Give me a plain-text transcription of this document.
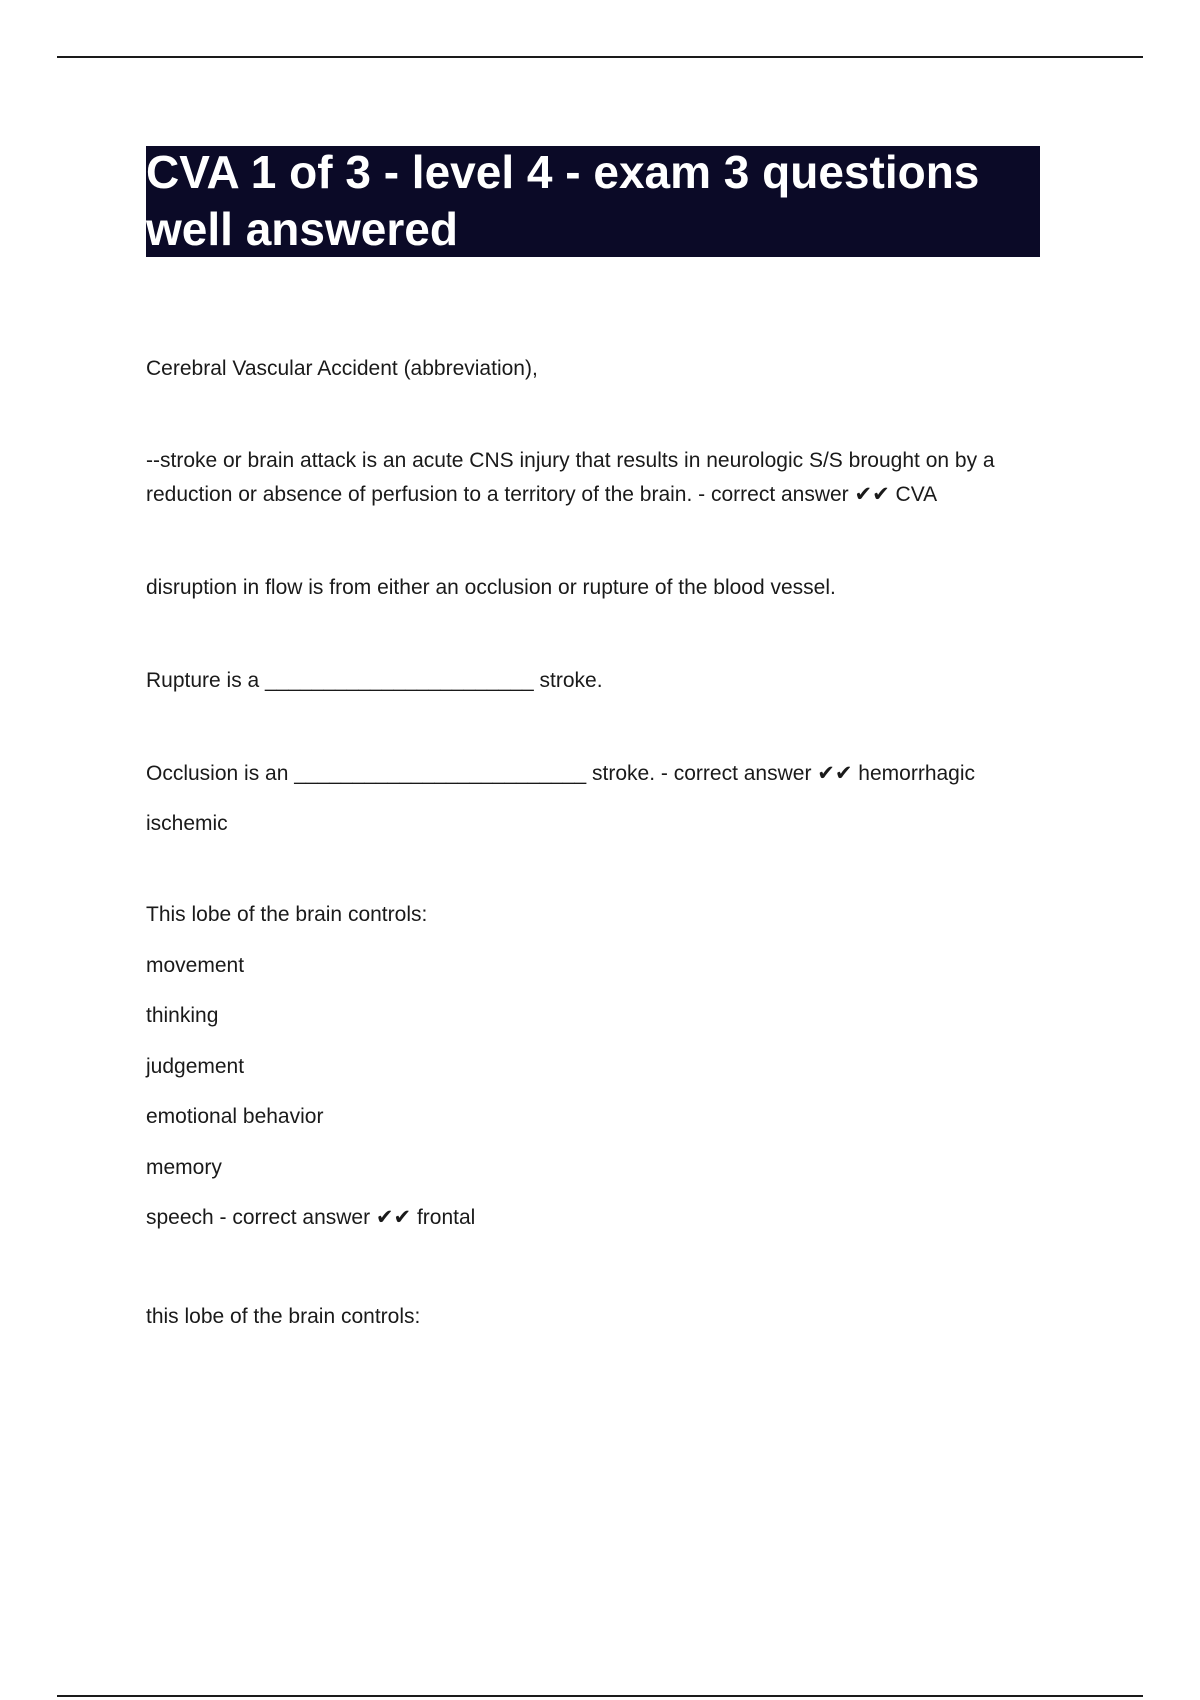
CVA 1 of 3 - level 4 - exam 3 questions well answered

Cerebral Vascular Accident (abbreviation),

--stroke or brain attack is an acute CNS injury that results in neurologic S/S brought on by a reduction or absence of perfusion to a territory of the brain. - correct answer ✔✔ CVA

disruption in flow is from either an occlusion or rupture of the blood vessel.

Rupture is a _______________________ stroke.

Occlusion is an _________________________ stroke. - correct answer ✔✔ hemorrhagic

ischemic

This lobe of the brain controls:

movement

thinking

judgement

emotional behavior

memory

speech - correct answer ✔✔ frontal

this lobe of the brain controls:
